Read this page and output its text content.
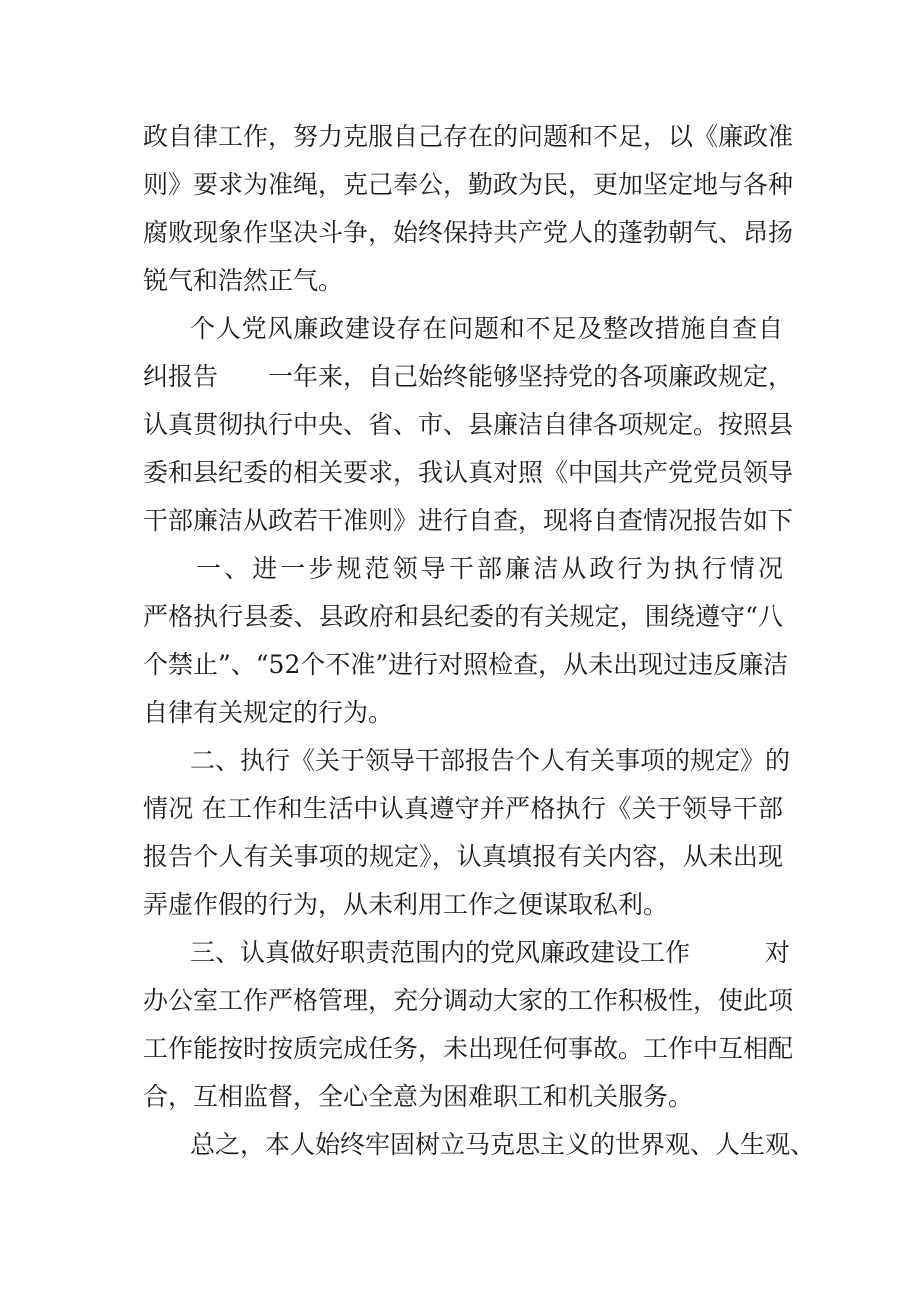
政自律工作，努力克服自己存在的问题和不足，以《廉政准
则》要求为准绳，克己奉公，勤政为民，更加坚定地与各种
腐败现象作坚决斗争，始终保持共产党人的蓬勃朝气、昂扬
锐气和浩然正气。
个人党风廉政建设存在问题和不足及整改措施自查自
纠报告　　一年来，自己始终能够坚持党的各项廉政规定，
认真贯彻执行中央、省、市、县廉洁自律各项规定。按照县
委和县纪委的相关要求，我认真对照《中国共产党党员领导
干部廉洁从政若干准则》进行自查，现将自查情况报告如下
一、进一步规范领导干部廉洁从政行为执行情况
严格执行县委、县政府和县纪委的有关规定，围绕遵守“八
个禁止”、“52个不准”进行对照检查，从未出现过违反廉洁
自律有关规定的行为。
二、执行《关于领导干部报告个人有关事项的规定》的
情况 在工作和生活中认真遵守并严格执行《关于领导干部
报告个人有关事项的规定》，认真填报有关内容，从未出现
弄虚作假的行为，从未利用工作之便谋取私利。
三、认真做好职责范围内的党风廉政建设工作　　　对
办公室工作严格管理，充分调动大家的工作积极性，使此项
工作能按时按质完成任务，未出现任何事故。工作中互相配
合，互相监督，全心全意为困难职工和机关服务。
总之，本人始终牢固树立马克思主义的世界观、人生观、
